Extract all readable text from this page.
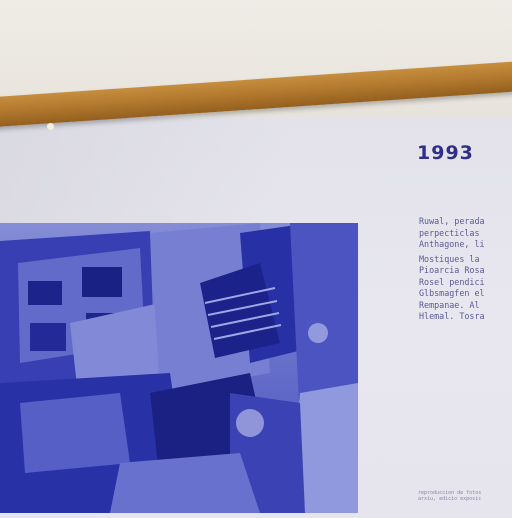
1993
Ruwal, perada
perpecticlas
Anthagone, li
Mostiques la
Pioarcia Rosa
Rosel pendici
Glbsmagfen el
Rempanae. Al
Hlemal. Tosra
reproduccion de fotos
arxiu, edicio exposic
